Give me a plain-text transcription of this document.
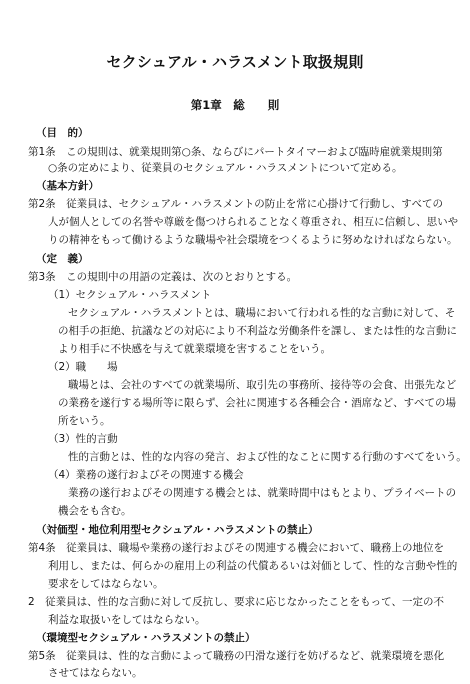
セクシュアル・ハラスメント取扱規則
第1章　総　　則
（目　的）
第1条　この規則は、就業規則第○条、ならびにパートタイマーおよび臨時雇就業規則第
○条の定めにより、従業員のセクシュアル・ハラスメントについて定める。
（基本方針）
第2条　従業員は、セクシュアル・ハラスメントの防止を常に心掛けて行動し、すべての
人が個人としての名誉や尊厳を傷つけられることなく尊重され、相互に信頼し、思いや
りの精神をもって働けるような職場や社会環境をつくるように努めなければならない。
（定　義）
第3条　この規則中の用語の定義は、次のとおりとする。
（1）セクシュアル・ハラスメント
セクシュアル・ハラスメントとは、職場において行われる性的な言動に対して、そ
の相手の拒絶、抗議などの対応により不利益な労働条件を課し、または性的な言動に
より相手に不快感を与えて就業環境を害することをいう。
（2）職　　場
職場とは、会社のすべての就業場所、取引先の事務所、接待等の会食、出張先など
の業務を遂行する場所等に限らず、会社に関連する各種会合・酒席など、すべての場
所をいう。
（3）性的言動
性的言動とは、性的な内容の発言、および性的なことに関する行動のすべてをいう。
（4）業務の遂行およびその関連する機会
業務の遂行およびその関連する機会とは、就業時間中はもとより、プライベートの
機会をも含む。
（対価型・地位利用型セクシュアル・ハラスメントの禁止）
第4条　従業員は、職場や業務の遂行およびその関連する機会において、職務上の地位を
利用し、または、何らかの雇用上の利益の代償あるいは対価として、性的な言動や性的
要求をしてはならない。
2　従業員は、性的な言動に対して反抗し、要求に応じなかったことをもって、一定の不
利益な取扱いをしてはならない。
（環境型セクシュアル・ハラスメントの禁止）
第5条　従業員は、性的な言動によって職務の円滑な遂行を妨げるなど、就業環境を悪化
させてはならない。
